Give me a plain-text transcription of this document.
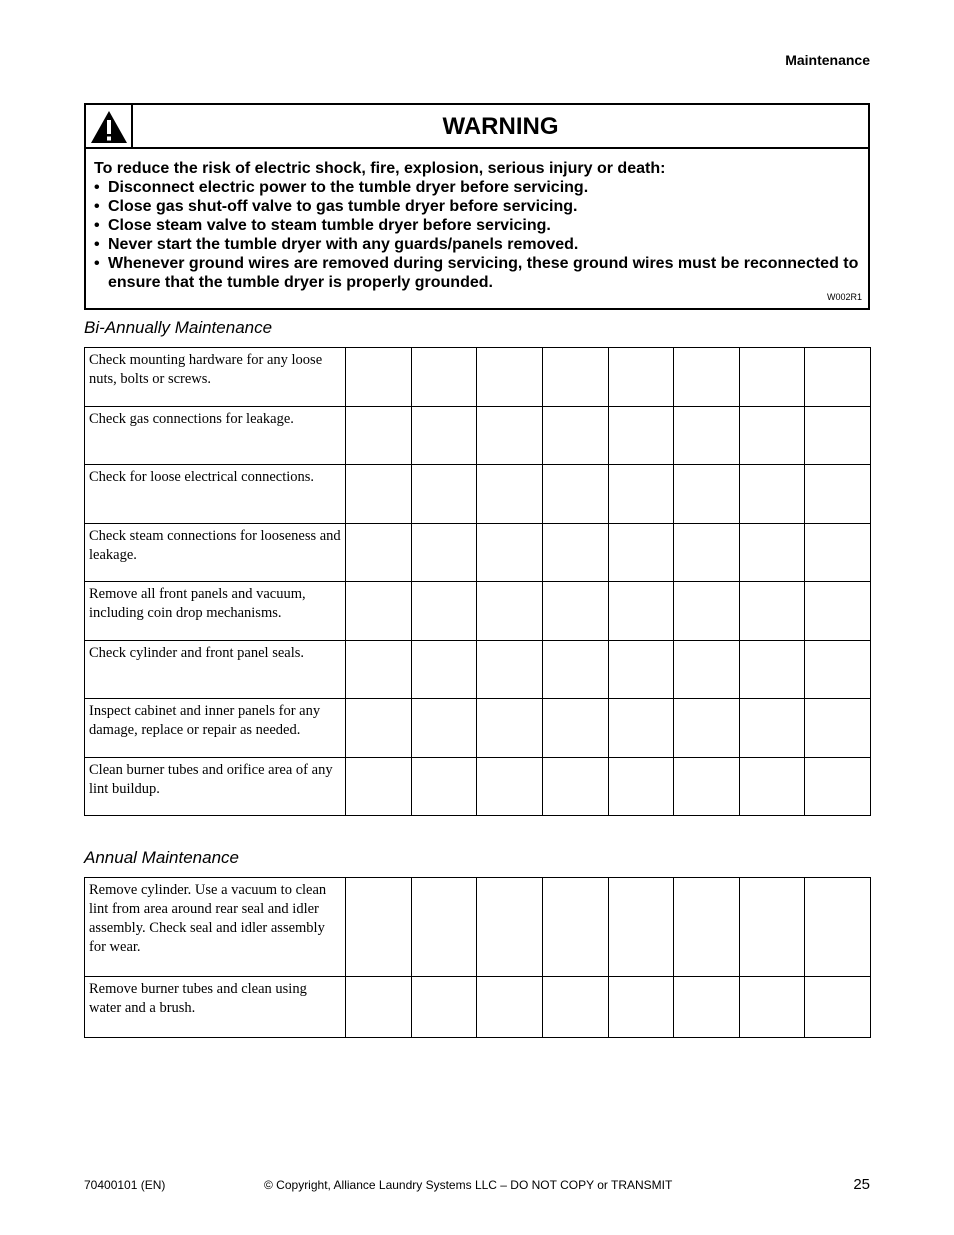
Maintenance
WARNING

To reduce the risk of electric shock, fire, explosion, serious injury or death:

• Disconnect electric power to the tumble dryer before servicing.
• Close gas shut-off valve to gas tumble dryer before servicing.
• Close steam valve to steam tumble dryer before servicing.
• Never start the tumble dryer with any guards/panels removed.
• Whenever ground wires are removed during servicing, these ground wires must be reconnected to ensure that the tumble dryer is properly grounded.
W002R1
Bi-Annually Maintenance
Check mounting hardware for any loose nuts, bolts or screws.								
Check gas connections for leakage.								
Check for loose electrical connections.								
Check steam connections for looseness and leakage.								
Remove all front panels and vacuum, including coin drop mechanisms.								
Check cylinder and front panel seals.								
Inspect cabinet and inner panels for any damage, replace or repair as needed.								
Clean burner tubes and orifice area of any lint buildup.								
Annual Maintenance
Remove cylinder. Use a vacuum to clean lint from area around rear seal and idler assembly. Check seal and idler assembly for wear.								
Remove burner tubes and clean using water and a brush.								
70400101 (EN)	© Copyright, Alliance Laundry Systems LLC – DO NOT COPY or TRANSMIT	25
